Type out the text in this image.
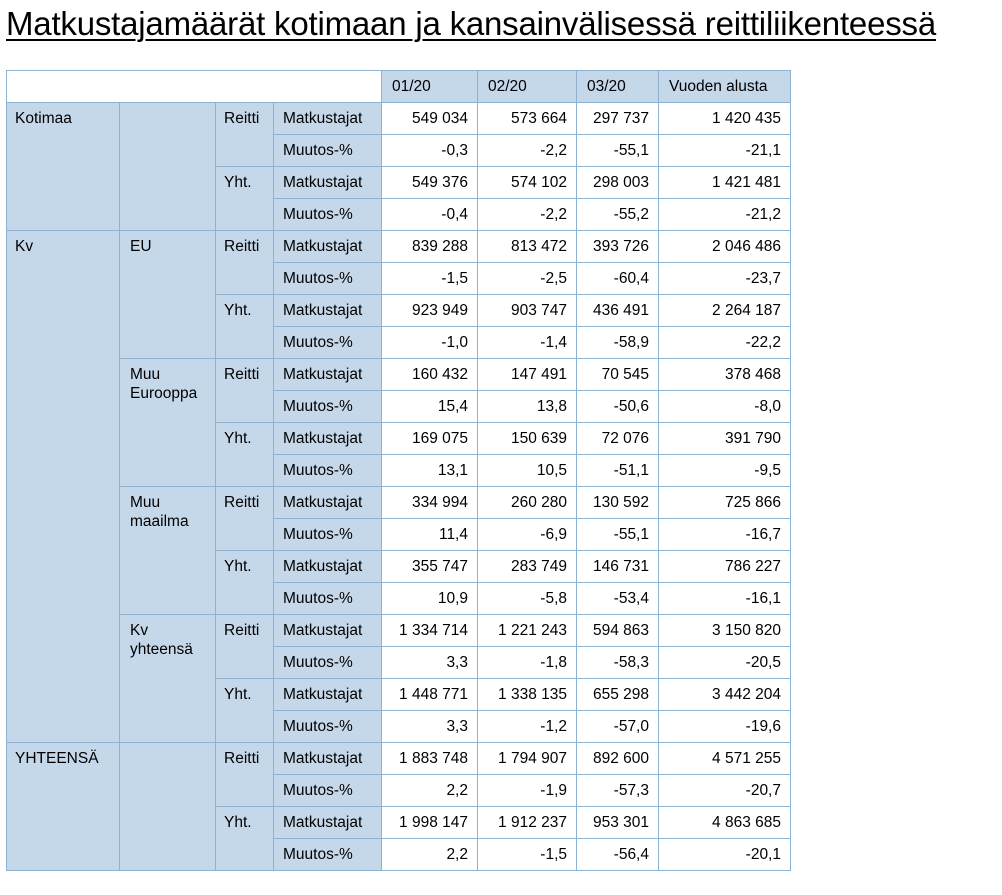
Matkustajamäärät kotimaan ja kansainvälisessä reittiliikenteessä
				01/20	02/20	03/20	Vuoden alusta
Kotimaa		Reitti	Matkustajat	549 034	573 664	297 737	1 420 435
			Muutos-%	-0,3	-2,2	-55,1	-21,1
		Yht.	Matkustajat	549 376	574 102	298 003	1 421 481
			Muutos-%	-0,4	-2,2	-55,2	-21,2
Kv	EU	Reitti	Matkustajat	839 288	813 472	393 726	2 046 486
			Muutos-%	-1,5	-2,5	-60,4	-23,7
		Yht.	Matkustajat	923 949	903 747	436 491	2 264 187
			Muutos-%	-1,0	-1,4	-58,9	-22,2
	Muu Eurooppa	Reitti	Matkustajat	160 432	147 491	70 545	378 468
			Muutos-%	15,4	13,8	-50,6	-8,0
		Yht.	Matkustajat	169 075	150 639	72 076	391 790
			Muutos-%	13,1	10,5	-51,1	-9,5
	Muu maailma	Reitti	Matkustajat	334 994	260 280	130 592	725 866
			Muutos-%	11,4	-6,9	-55,1	-16,7
		Yht.	Matkustajat	355 747	283 749	146 731	786 227
			Muutos-%	10,9	-5,8	-53,4	-16,1
	Kv yhteensä	Reitti	Matkustajat	1 334 714	1 221 243	594 863	3 150 820
			Muutos-%	3,3	-1,8	-58,3	-20,5
		Yht.	Matkustajat	1 448 771	1 338 135	655 298	3 442 204
			Muutos-%	3,3	-1,2	-57,0	-19,6
YHTEENSÄ		Reitti	Matkustajat	1 883 748	1 794 907	892 600	4 571 255
			Muutos-%	2,2	-1,9	-57,3	-20,7
		Yht.	Matkustajat	1 998 147	1 912 237	953 301	4 863 685
			Muutos-%	2,2	-1,5	-56,4	-20,1
